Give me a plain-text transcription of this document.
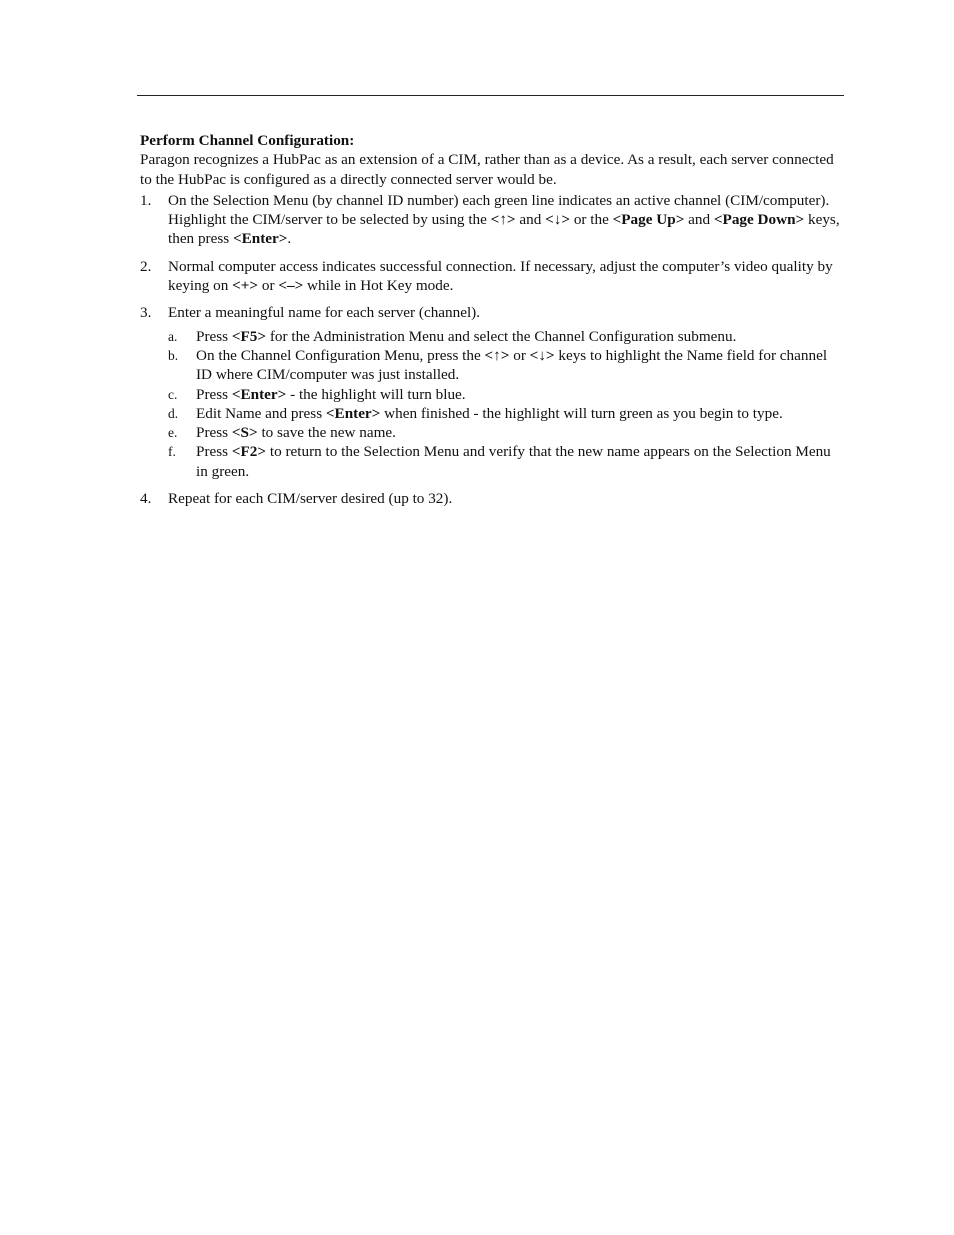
Perform Channel Configuration:

Paragon recognizes a HubPac as an extension of a CIM, rather than as a device. As a result, each server connected to the HubPac is configured as a directly connected server would be.

1. On the Selection Menu (by channel ID number) each green line indicates an active channel (CIM/computer). Highlight the CIM/server to be selected by using the <↑> and <↓> or the <Page Up> and <Page Down> keys, then press <Enter>.
2. Normal computer access indicates successful connection. If necessary, adjust the computer’s video quality by keying on <+> or <–> while in Hot Key mode.
3. Enter a meaningful name for each server (channel).
a. Press <F5> for the Administration Menu and select the Channel Configuration submenu.
b. On the Channel Configuration Menu, press the <↑> or <↓> keys to highlight the Name field for channel ID where CIM/computer was just installed.
c. Press <Enter> - the highlight will turn blue.
d. Edit Name and press <Enter> when finished - the highlight will turn green as you begin to type.
e. Press <S> to save the new name.
f. Press <F2> to return to the Selection Menu and verify that the new name appears on the Selection Menu in green.
4. Repeat for each CIM/server desired (up to 32).
